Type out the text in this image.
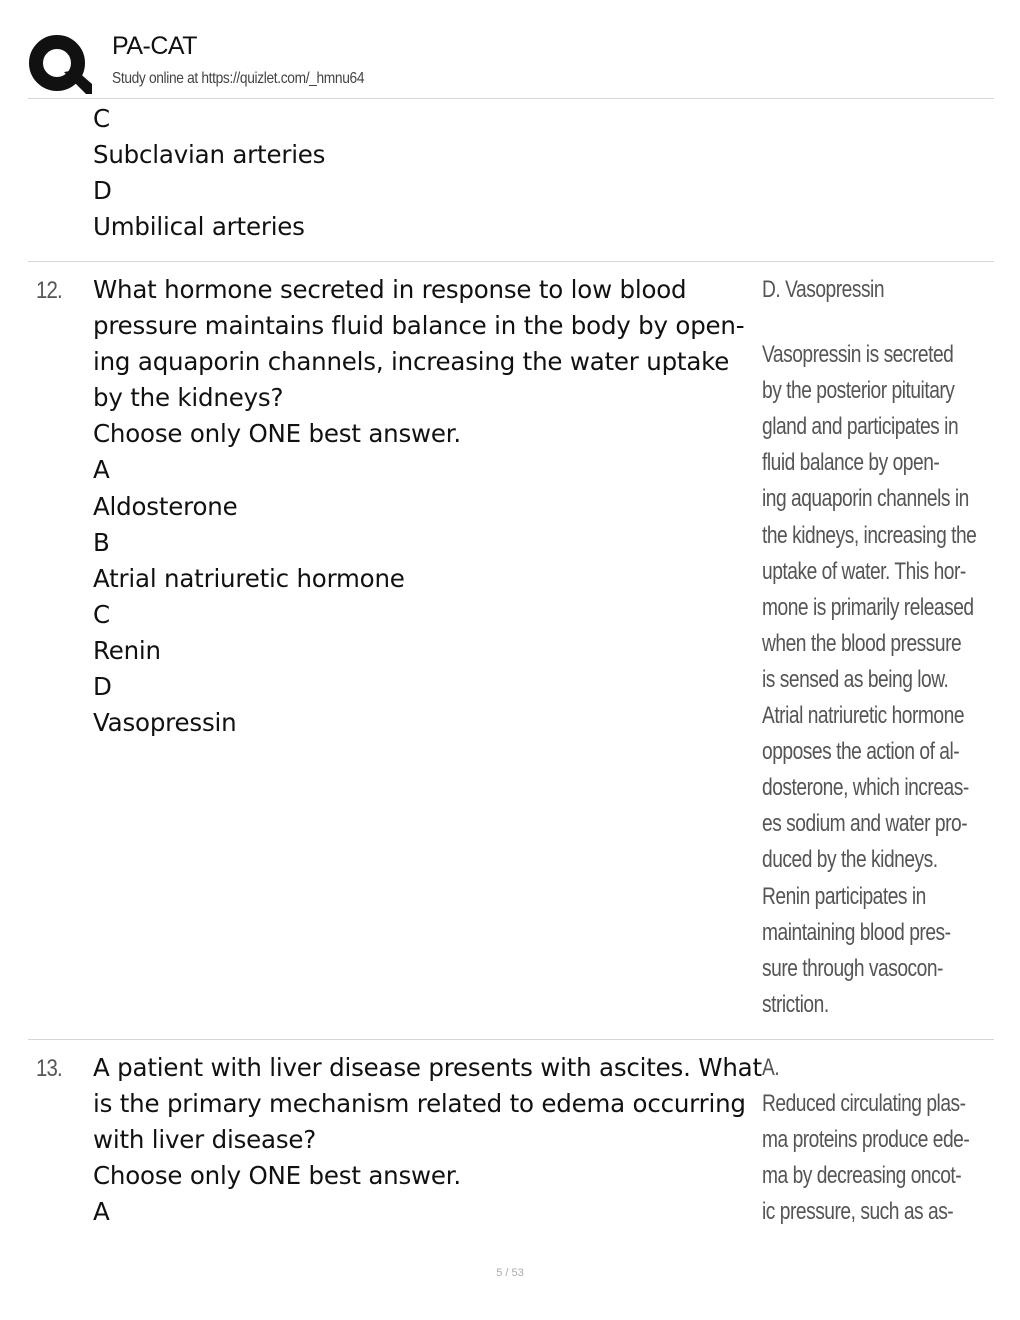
PA-CAT
Study online at https://quizlet.com/_hmnu64
C
Subclavian arteries
D
Umbilical arteries
12. What hormone secreted in response to low blood
pressure maintains fluid balance in the body by open-
ing aquaporin channels, increasing the water uptake
by the kidneys?
Choose only ONE best answer.
A
Aldosterone
B
Atrial natriuretic hormone
C
Renin
D
Vasopressin
D. Vasopressin
Vasopressin is secreted
by the posterior pituitary
gland and participates in
fluid balance by open-
ing aquaporin channels in
the kidneys, increasing the
uptake of water. This hor-
mone is primarily released
when the blood pressure
is sensed as being low.
Atrial natriuretic hormone
opposes the action of al-
dosterone, which increas-
es sodium and water pro-
duced by the kidneys.
Renin participates in
maintaining blood pres-
sure through vasocon-
striction.
13. A patient with liver disease presents with ascites. What
is the primary mechanism related to edema occurring
with liver disease?
Choose only ONE best answer.
A
A.
Reduced circulating plas-
ma proteins produce ede-
ma by decreasing oncot-
ic pressure, such as as-
5 / 53
